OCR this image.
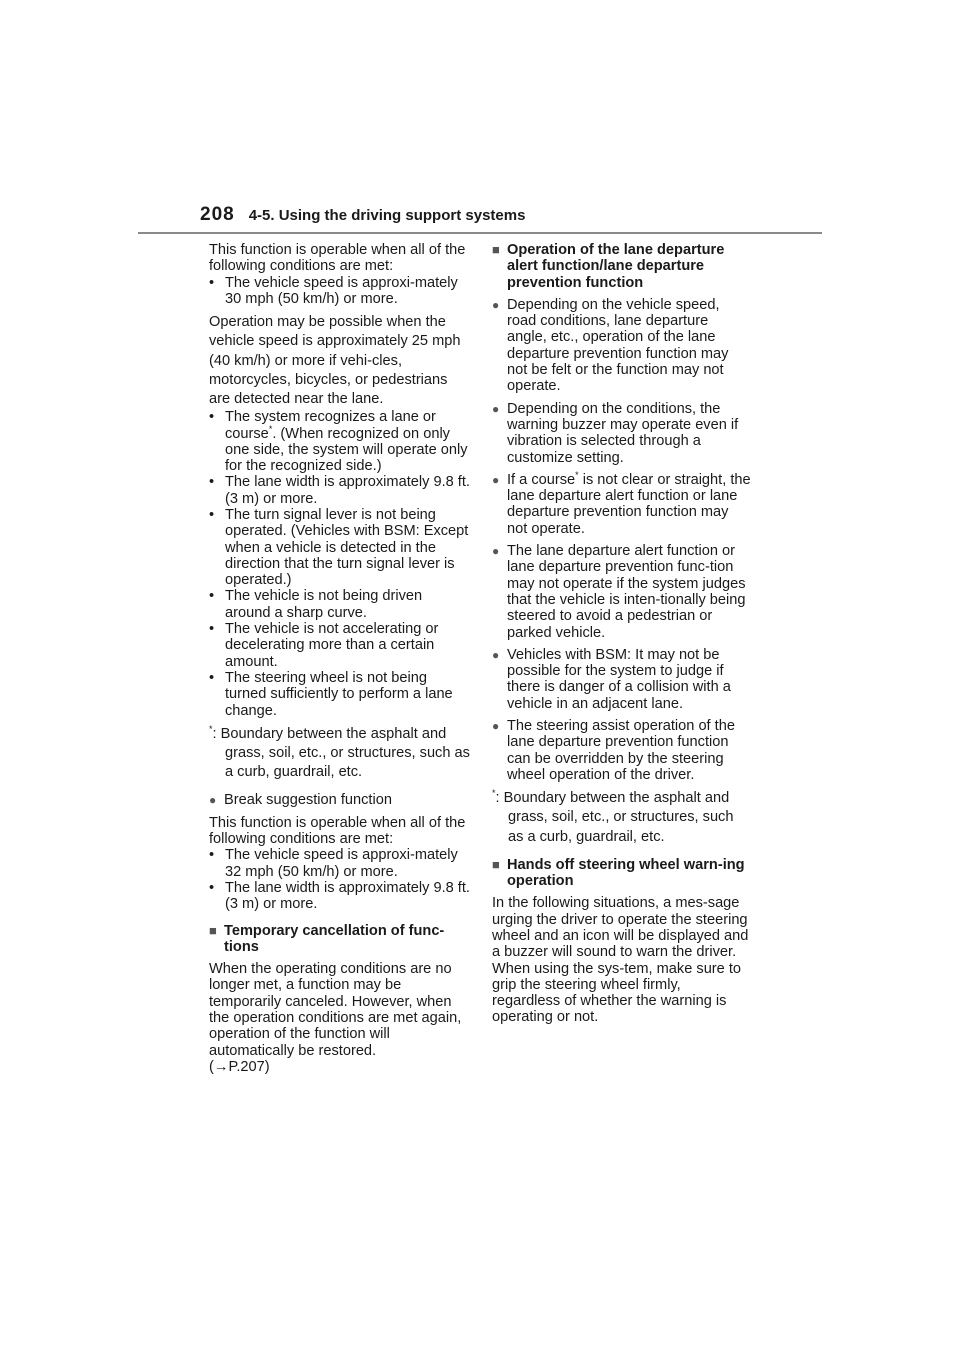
208 4-5. Using the driving support systems

This function is operable when all of the following conditions are met:

• The vehicle speed is approxi-mately 30 mph (50 km/h) or more.

Operation may be possible when the vehicle speed is approximately 25 mph (40 km/h) or more if vehi-cles, motorcycles, bicycles, or pedestrians are detected near the lane.

• The system recognizes a lane or course*. (When recognized on only one side, the system will operate only for the recognized side.)

• The lane width is approximately 9.8 ft. (3 m) or more.

• The turn signal lever is not being operated. (Vehicles with BSM: Except when a vehicle is detected in the direction that the turn signal lever is operated.)

• The vehicle is not being driven around a sharp curve.

• The vehicle is not accelerating or decelerating more than a certain amount.

• The steering wheel is not being turned sufficiently to perform a lane change.

*: Boundary between the asphalt and grass, soil, etc., or structures, such as a curb, guardrail, etc.

● Break suggestion function

This function is operable when all of the following conditions are met:

• The vehicle speed is approxi-mately 32 mph (50 km/h) or more.

• The lane width is approximately 9.8 ft. (3 m) or more.

■ Temporary cancellation of func-tions

When the operating conditions are no longer met, a function may be temporarily canceled. However, when the operation conditions are met again, operation of the function will automatically be restored.

(→P.207)

■ Operation of the lane departure alert function/lane departure prevention function

● Depending on the vehicle speed, road conditions, lane departure angle, etc., operation of the lane departure prevention function may not be felt or the function may not operate.

● Depending on the conditions, the warning buzzer may operate even if vibration is selected through a customize setting.

● If a course* is not clear or straight, the lane departure alert function or lane departure prevention function may not operate.

● The lane departure alert function or lane departure prevention func-tion may not operate if the system judges that the vehicle is inten-tionally being steered to avoid a pedestrian or parked vehicle.

● Vehicles with BSM: It may not be possible for the system to judge if there is danger of a collision with a vehicle in an adjacent lane.

● The steering assist operation of the lane departure prevention function can be overridden by the steering wheel operation of the driver.

*: Boundary between the asphalt and grass, soil, etc., or structures, such as a curb, guardrail, etc.

■ Hands off steering wheel warn-ing operation

In the following situations, a mes-sage urging the driver to operate the steering wheel and an icon will be displayed and a buzzer will sound to warn the driver. When using the sys-tem, make sure to grip the steering wheel firmly, regardless of whether the warning is operating or not.
